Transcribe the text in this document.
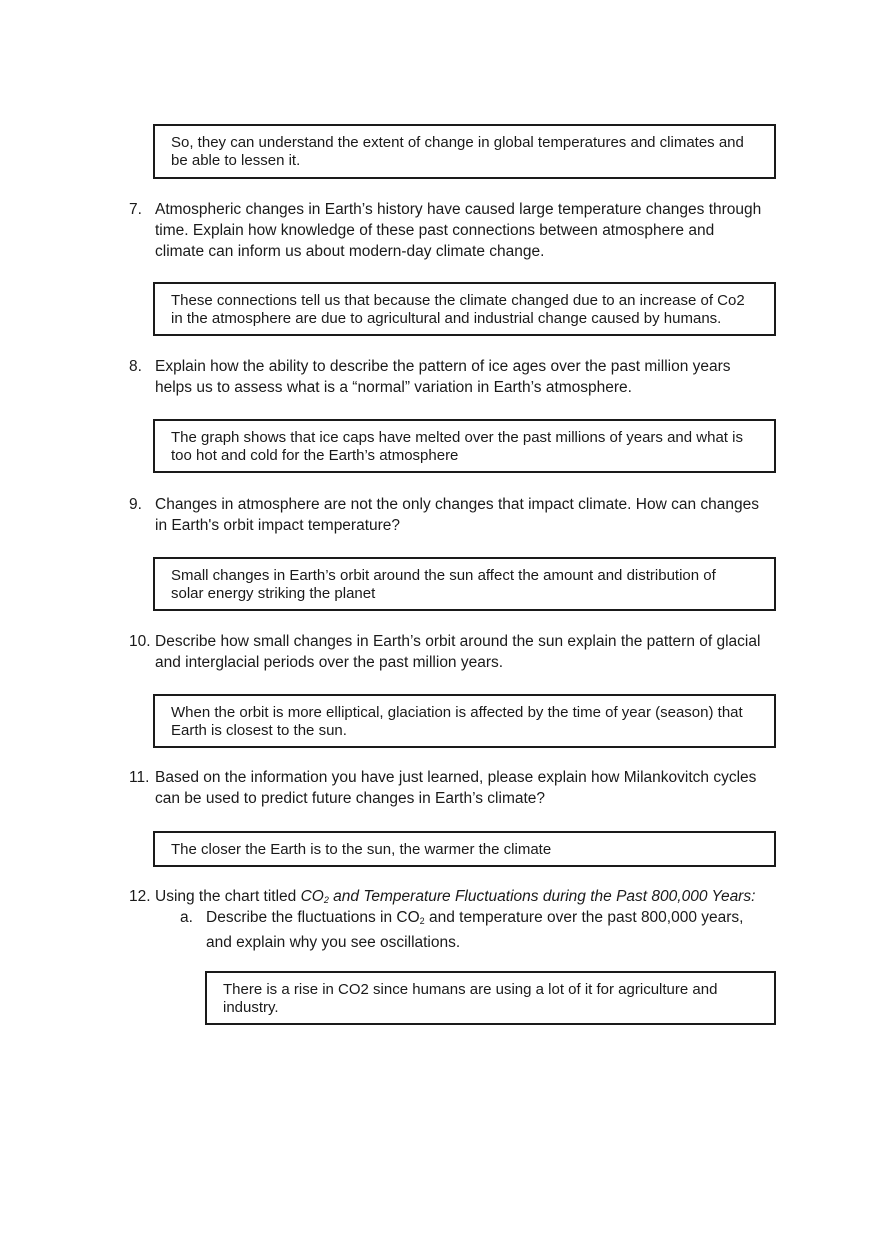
So, they can understand the extent of change in global temperatures and climates and
be able to lessen it.
7. Atmospheric changes in Earth’s history have caused large temperature changes through
time. Explain how knowledge of these past connections between atmosphere and
climate can inform us about modern-day climate change.
These connections tell us that because the climate changed due to an increase of Co2
in the atmosphere are due to agricultural and industrial change caused by humans.
8. Explain how the ability to describe the pattern of ice ages over the past million years
helps us to assess what is a “normal” variation in Earth’s atmosphere.
The graph shows that ice caps have melted over the past millions of years and what is
too hot and cold for the Earth’s atmosphere
9. Changes in atmosphere are not the only changes that impact climate. How can changes
in Earth's orbit impact temperature?
Small changes in Earth’s orbit around the sun affect the amount and distribution of
solar energy striking the planet
10. Describe how small changes in Earth’s orbit around the sun explain the pattern of glacial
and interglacial periods over the past million years.
When the orbit is more elliptical, glaciation is affected by the time of year (season) that
Earth is closest to the sun.
11. Based on the information you have just learned, please explain how Milankovitch cycles
can be used to predict future changes in Earth’s climate?
The closer the Earth is to the sun, the warmer the climate
12. Using the chart titled $CO_2$ and Temperature Fluctuations during the Past 800,000 Years:
a. Describe the fluctuations in $CO_2$ and temperature over the past 800,000 years,
and explain why you see oscillations.
There is a rise in CO2 since humans are using a lot of it for agriculture and
industry.
